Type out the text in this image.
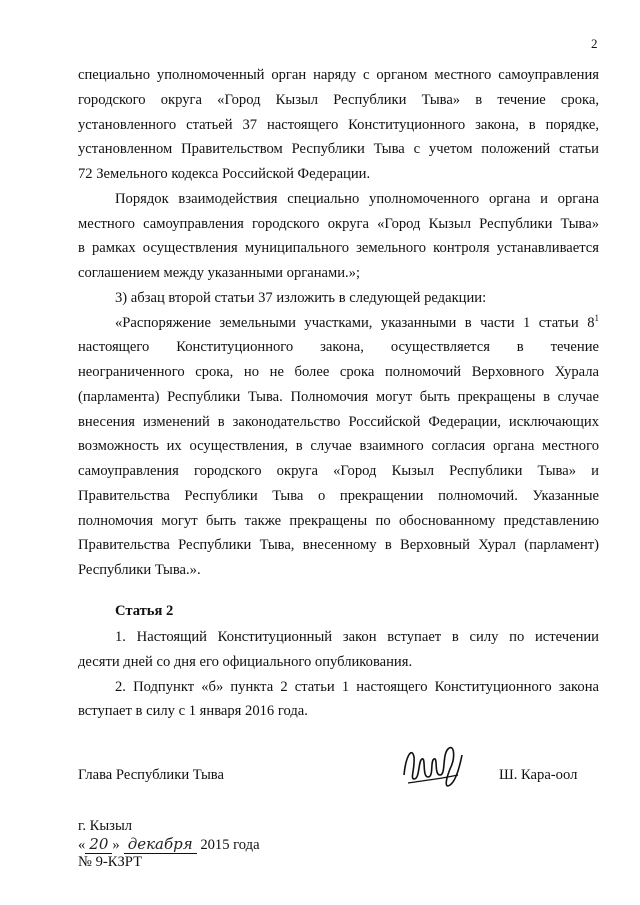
2
специально уполномоченный орган наряду с органом местного самоуправления
городского округа «Город Кызыл Республики Тыва» в течение срока,
установленного статьей 37 настоящего Конституционного закона, в порядке,
установленном Правительством Республики Тыва с учетом положений статьи
72 Земельного кодекса Российской Федерации.
Порядок взаимодействия специально уполномоченного органа и органа
местного самоуправления городского округа «Город Кызыл Республики Тыва»
в рамках осуществления муниципального земельного контроля устанавливается
соглашением между указанными органами.»;
3) абзац второй статьи 37 изложить в следующей редакции:
«Распоряжение земельными участками, указанными в части 1 статьи $8^1$
настоящего Конституционного закона, осуществляется в течение
неограниченного срока, но не более срока полномочий Верховного Хурала
(парламента) Республики Тыва. Полномочия могут быть прекращены в случае
внесения изменений в законодательство Российской Федерации, исключающих
возможность их осуществления, в случае взаимного согласия органа местного
самоуправления городского округа «Город Кызыл Республики Тыва» и
Правительства Республики Тыва о прекращении полномочий. Указанные
полномочия могут быть также прекращены по обоснованному представлению
Правительства Республики Тыва, внесенному в Верховный Хурал (парламент)
Республики Тыва.».
Статья 2
1. Настоящий Конституционный закон вступает в силу по истечении
десяти дней со дня его официального опубликования.
2. Подпункт «б» пункта 2 статьи 1 настоящего Конституционного закона
вступает в силу с 1 января 2016 года.
Глава Республики Тыва	Ш. Кара-оол
г. Кызыл
« 20 » декабря 2015 года
№ 9-КЗРТ
